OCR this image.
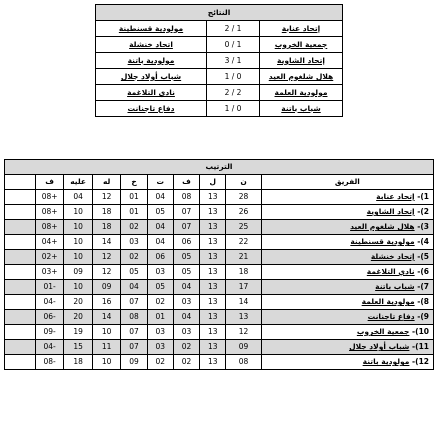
النتائج		
إتحاد عنابة	1 / 2	مولودية قسنطينة
جمعية الخروب	1 / 0	اتحاد خنشلة
إتحاد الشاوية	1 / 3	مولودية باتنة
هلال شلغوم العيد	0 / 1	شباب أولاد جلال
مولودية العلمة	2 / 2	نادي التلاغمة
شباب باتنة	0 / 1	دفاع تاجنانت
الترتيب									
الفريق	ن	ل	ف	ت	خ	له	عليه	ف	
1)- إتحاد عنابة	28	13	08	04	01	12	04	+08	
2)- إتحاد الشاوية	26	13	07	05	01	18	10	+08	
3)- هلال شلغوم العيد	25	13	07	04	02	18	10	+08	
4)- مولودية قسنطينة	22	13	06	04	03	14	10	+04	
5)- إتحاد خنشلة	21	13	05	06	02	12	10	+02	
6)- نادي التلاغمة	18	13	05	03	05	12	09	+03	
7)- شباب باتنة	17	13	04	05	04	09	10	-01	
8)- مولودية العلمة	14	13	03	02	07	16	20	-04	
9)- دفاع تاجنانت	13	13	04	01	08	14	20	-06	
10)- جمعية الخروب	12	13	03	03	07	10	19	-09	
11)- شباب أولاد جلال	09	13	02	03	07	11	15	-04	
12)- مولودية باتنة	08	13	02	02	09	10	18	-08	
